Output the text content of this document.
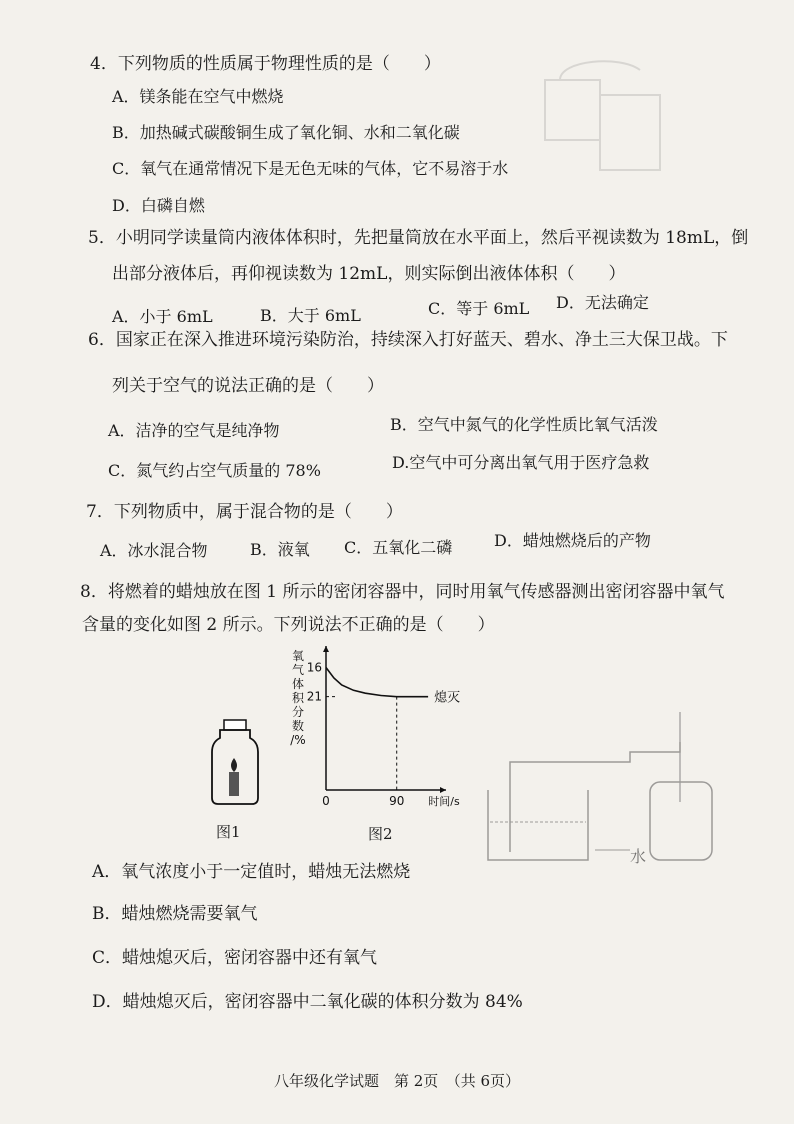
4．下列物质的性质属于物理性质的是（　　）
A．镁条能在空气中燃烧
B．加热碱式碳酸铜生成了氧化铜、水和二氧化碳
C．氧气在通常情况下是无色无味的气体，它不易溶于水
D．白磷自燃
5．小明同学读量筒内液体体积时，先把量筒放在水平面上，然后平视读数为 18mL，倒
出部分液体后，再仰视读数为 12mL，则实际倒出液体体积（　　）
A．小于 6mL	B．大于 6mL	C．等于 6mL D．无法确定
6．国家正在深入推进环境污染防治，持续深入打好蓝天、碧水、净土三大保卫战。下
列关于空气的说法正确的是（　　）
A．洁净的空气是纯净物	B．空气中氮气的化学性质比氧气活泼
C．氮气约占空气质量的 78%	D.空气中可分离出氧气用于医疗急救
7．下列物质中，属于混合物的是（　　）
A．冰水混合物	B．液氧 C．五氧化二磷	D．蜡烛燃烧后的产物
8．将燃着的蜡烛放在图 1 所示的密闭容器中，同时用氧气传感器测出密闭容器中氧气
含量的变化如图 2 所示。下列说法不正确的是（　　）
图1
氧
气
体
积
分
数
/%
21
16
0	90 时间/s
熄灭
图2
水
A．氧气浓度小于一定值时，蜡烛无法燃烧
B．蜡烛燃烧需要氧气
C．蜡烛熄灭后，密闭容器中还有氧气
D．蜡烛熄灭后，密闭容器中二氧化碳的体积分数为 84%
八年级化学试题　第 2页　（共 6页）
